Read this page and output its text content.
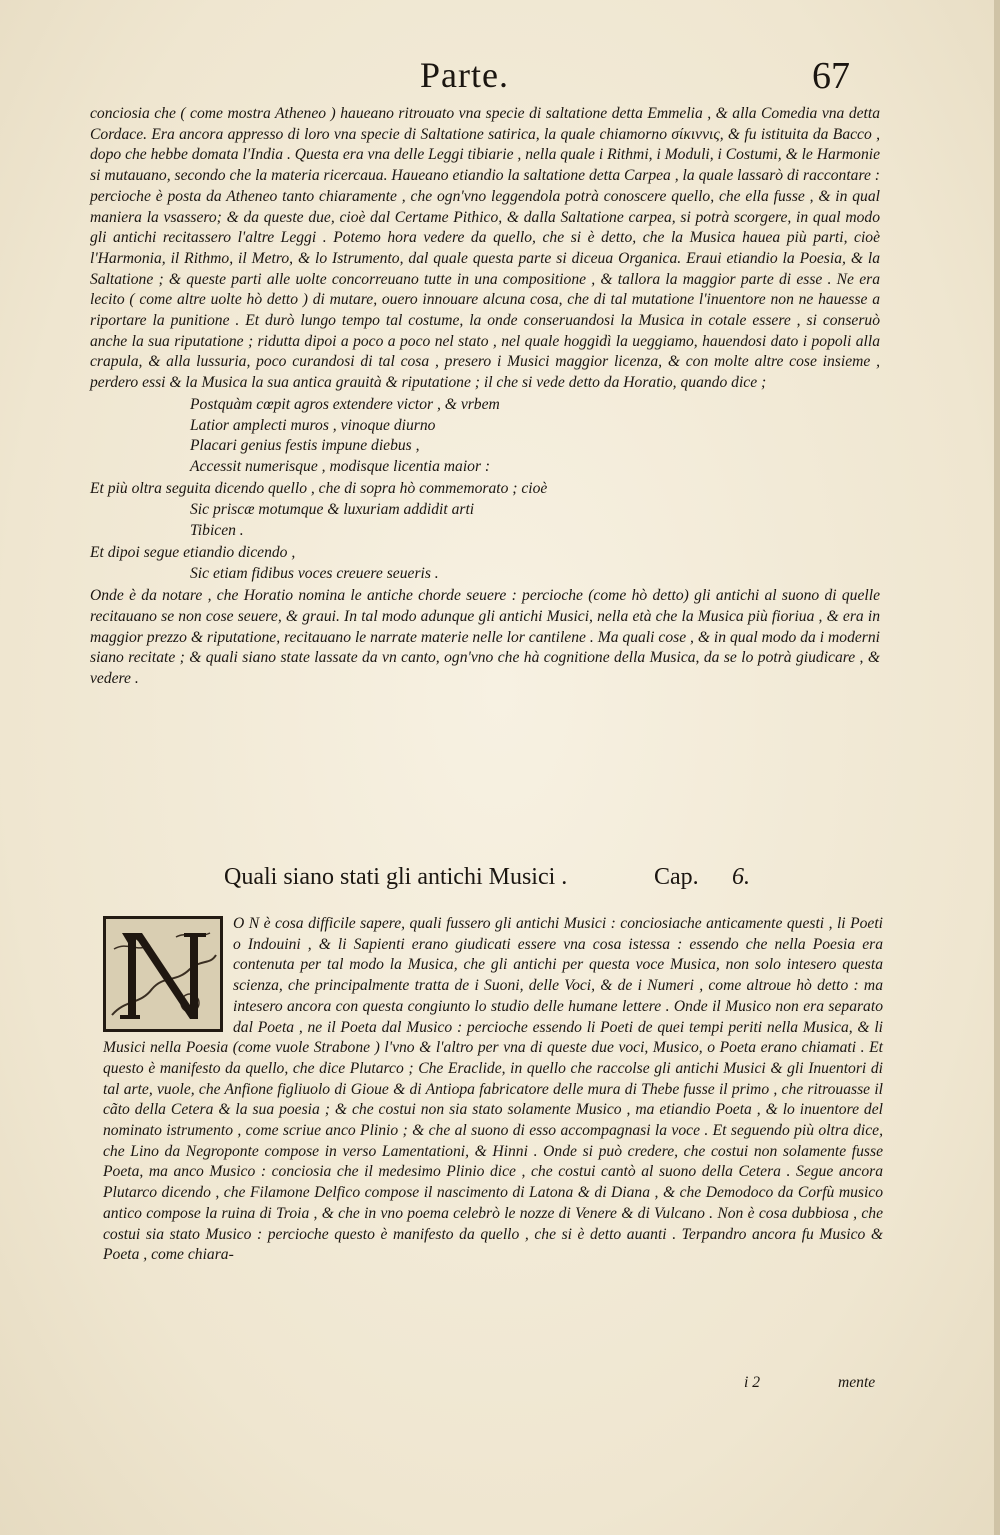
Parte.	67

conciosia che ( come mostra Atheneo ) haueano ritrouato vna specie di saltatione detta Emmelia , & alla Comedia vna detta Cordace. Era ancora appresso di loro vna specie di Saltatione satirica, la quale chiamorno σίκιννις, & fu istituita da Bacco , dopo che hebbe domata l'India . Questa era vna delle Leggi tibiarie , nella quale i Rithmi, i Moduli, i Costumi, & le Harmonie si mutauano, secondo che la materia ricercaua. Haueano etiandio la saltatione detta Carpea , la quale lassarò di raccontare : percioche è posta da Atheneo tanto chiaramente , che ogn'vno leggendola potrà conoscere quello, che ella fusse , & in qual maniera la vsassero; & da queste due, cioè dal Certame Pithico, & dalla Saltatione carpea, si potrà scorgere, in qual modo gli antichi recitassero l'altre Leggi . Potemo hora vedere da quello, che si è detto, che la Musica hauea più parti, cioè l'Harmonia, il Rithmo, il Metro, & lo Istrumento, dal quale questa parte si diceua Organica. Eraui etiandio la Poesia, & la Saltatione ; & queste parti alle uolte concorreuano tutte in una compositione , & tallora la maggior parte di esse . Ne era lecito ( come altre uolte hò detto ) di mutare, ouero innouare alcuna cosa, che di tal mutatione l'inuentore non ne hauesse a riportare la punitione . Et durò lungo tempo tal costume, la onde conseruandosi la Musica in cotale essere , si conseruò anche la sua riputatione ; ridutta dipoi a poco a poco nel stato , nel quale hoggidì la ueggiamo, hauendosi dato i popoli alla crapula, & alla lussuria, poco curandosi di tal cosa , presero i Musici maggior licenza, & con molte altre cose insieme , perdero essi & la Musica la sua antica grauità & riputatione ; il che si vede detto da Horatio, quando dice ;

Postquàm cœpit agros extendere victor , & vrbem
Latior amplecti muros , vinoque diurno
Placari genius festis impune diebus ,
Accessit numerisque , modisque licentia maior :

Et più oltra seguita dicendo quello , che di sopra hò commemorato ; cioè

Sic priscæ motumque & luxuriam addidit arti
Tibicen .

Et dipoi segue etiandio dicendo ,

Sic etiam fidibus voces creuere seueris .

Onde è da notare , che Horatio nomina le antiche chorde seuere : percioche (come hò detto) gli antichi al suono di quelle recitauano se non cose seuere, & graui. In tal modo adunque gli antichi Musici, nella età che la Musica più fioriua , & era in maggior prezzo & riputatione, recitauano le narrate materie nelle lor cantilene . Ma quali cose , & in qual modo da i moderni siano recitate ; & quali siano state lassate da vn canto, ogn'vno che hà cognitione della Musica, da se lo potrà giudicare , & vedere .

Quali siano stati gli antichi Musici .	Cap. 6.
O N è cosa difficile sapere, quali fussero gli antichi Musici : conciosiache anticamente questi , li Poeti o Indouini , & li Sapienti erano giudicati essere vna cosa istessa : essendo che nella Poesia era contenuta per tal modo la Musica, che gli antichi per questa voce Musica, non solo intesero questa scienza, che principalmente tratta de i Suoni, delle Voci, & de i Numeri , come altroue hò detto : ma intesero ancora con questa congiunto lo studio delle humane lettere . Onde il Musico non era separato dal Poeta , ne il Poeta dal Musico : percioche essendo li Poeti de quei tempi periti nella Musica, & li Musici nella Poesia (come vuole Strabone ) l'vno & l'altro per vna di queste due voci, Musico, o Poeta erano chiamati . Et questo è manifesto da quello, che dice Plutarco ; Che Eraclide, in quello che raccolse gli antichi Musici & gli Inuentori di tal arte, vuole, che Anfione figliuolo di Gioue & di Antiopa fabricatore delle mura di Thebe fusse il primo , che ritrouasse il cãto della Cetera & la sua poesia ; & che costui non sia stato solamente Musico , ma etiandio Poeta , & lo inuentore del nominato istrumento , come scriue anco Plinio ; & che al suono di esso accompagnasi la voce . Et seguendo più oltra dice, che Lino da Negroponte compose in verso Lamentationi, & Hinni . Onde si può credere, che costui non solamente fusse Poeta, ma anco Musico : conciosia che il medesimo Plinio dice , che costui cantò al suono della Cetera . Segue ancora Plutarco dicendo , che Filamone Delfico compose il nascimento di Latona & di Diana , & che Demodoco da Corfù musico antico compose la ruina di Troia , & che in vno poema celebrò le nozze di Venere & di Vulcano . Non è cosa dubbiosa , che costui sia stato Musico : percioche questo è manifesto da quello , che si è detto auanti . Terpandro ancora fu Musico & Poeta , come chiara-
i 2	mente
